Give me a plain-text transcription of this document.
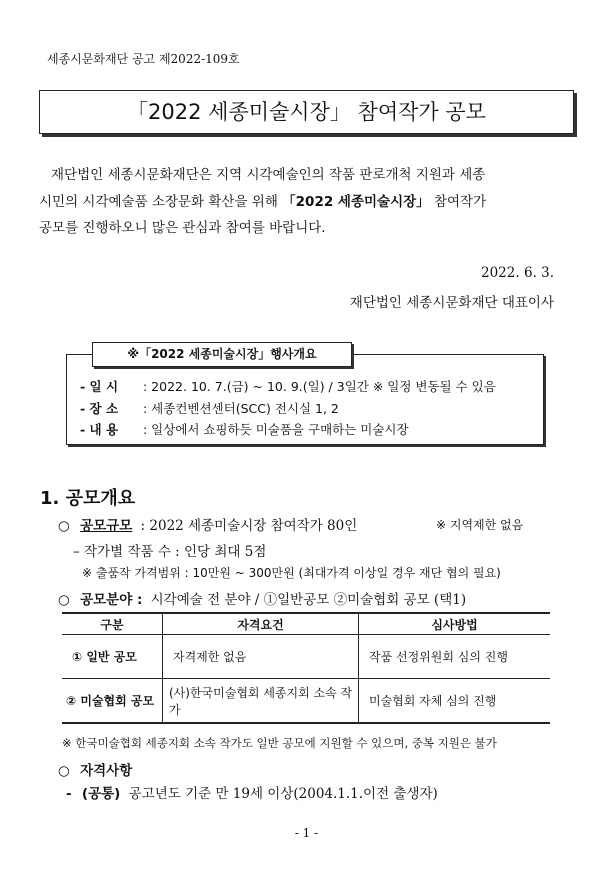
세종시문화재단 공고 제2022-109호
「2022 세종미술시장」 참여작가 공모
재단법인 세종시문화재단은 지역 시각예술인의 작품 판로개척 지원과 세종
시민의 시각예술품 소장문화 확산을 위해 「2022 세종미술시장」 참여작가
공모를 진행하오니 많은 관심과 참여를 바랍니다.
2022. 6. 3.
재단법인 세종시문화재단 대표이사
※「2022 세종미술시장」행사개요
- 일 시 : 2022. 10. 7.(금) ~ 10. 9.(일) / 3일간 ※ 일정 변동될 수 있음
- 장 소 : 세종컨벤션센터(SCC) 전시실 1, 2
- 내 용 : 일상에서 쇼핑하듯 미술품을 구매하는 미술시장
1. 공모개요
○ 공모규모 : 2022 세종미술시장 참여작가 80인	※ 지역제한 없음
– 작가별 작품 수 : 인당 최대 5점
※ 출품작 가격범위 : 10만원 ~ 300만원 (최대가격 이상일 경우 재단 협의 필요)
○ 공모분야 : 시각예술 전 분야 / ①일반공모 ②미술협회 공모 (택1)
구분	자격요건	심사방법
① 일반 공모	자격제한 없음	작품 선정위원회 심의 진행
② 미술협회 공모	(사)한국미술협회 세종지회 소속 작가	미술협회 자체 심의 진행
※ 한국미술협회 세종지회 소속 작가도 일반 공모에 지원할 수 있으며, 중복 지원은 불가
○ 자격사항
- (공통) 공고년도 기준 만 19세 이상(2004.1.1.이전 출생자)
- 1 -
